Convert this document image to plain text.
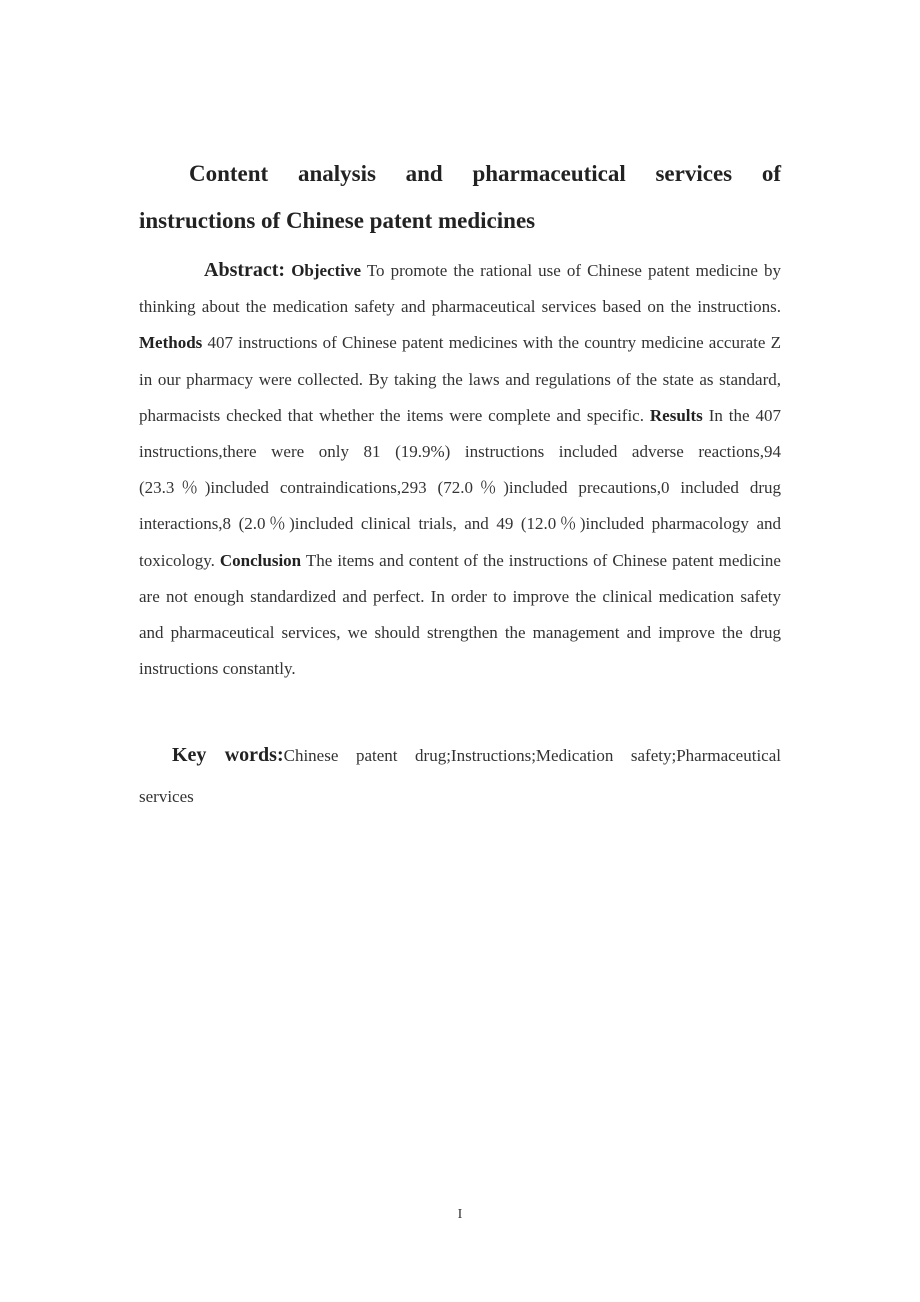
Content analysis and pharmaceutical services of
instructions of Chinese patent medicines

Abstract: Objective To promote the rational use of Chinese patent medicine by thinking about the medication safety and pharmaceutical services based on the instructions. Methods 407 instructions of Chinese patent medicines with the country medicine accurate Z in our pharmacy were collected. By taking the laws and regulations of the state as standard, pharmacists checked that whether the items were complete and specific. Results In the 407 instructions,there were only 81 (19.9%) instructions included adverse reactions,94 (23.3％)included contraindications,293 (72.0％)included precautions,0 included drug interactions,8 (2.0％)included clinical trials, and 49 (12.0％)included pharmacology and toxicology. Conclusion The items and content of the instructions of Chinese patent medicine are not enough standardized and perfect. In order to improve the clinical medication safety and pharmaceutical services, we should strengthen the management and improve the drug instructions constantly.

Key words:Chinese patent drug;Instructions;Medication safety;Pharmaceutical services

I
